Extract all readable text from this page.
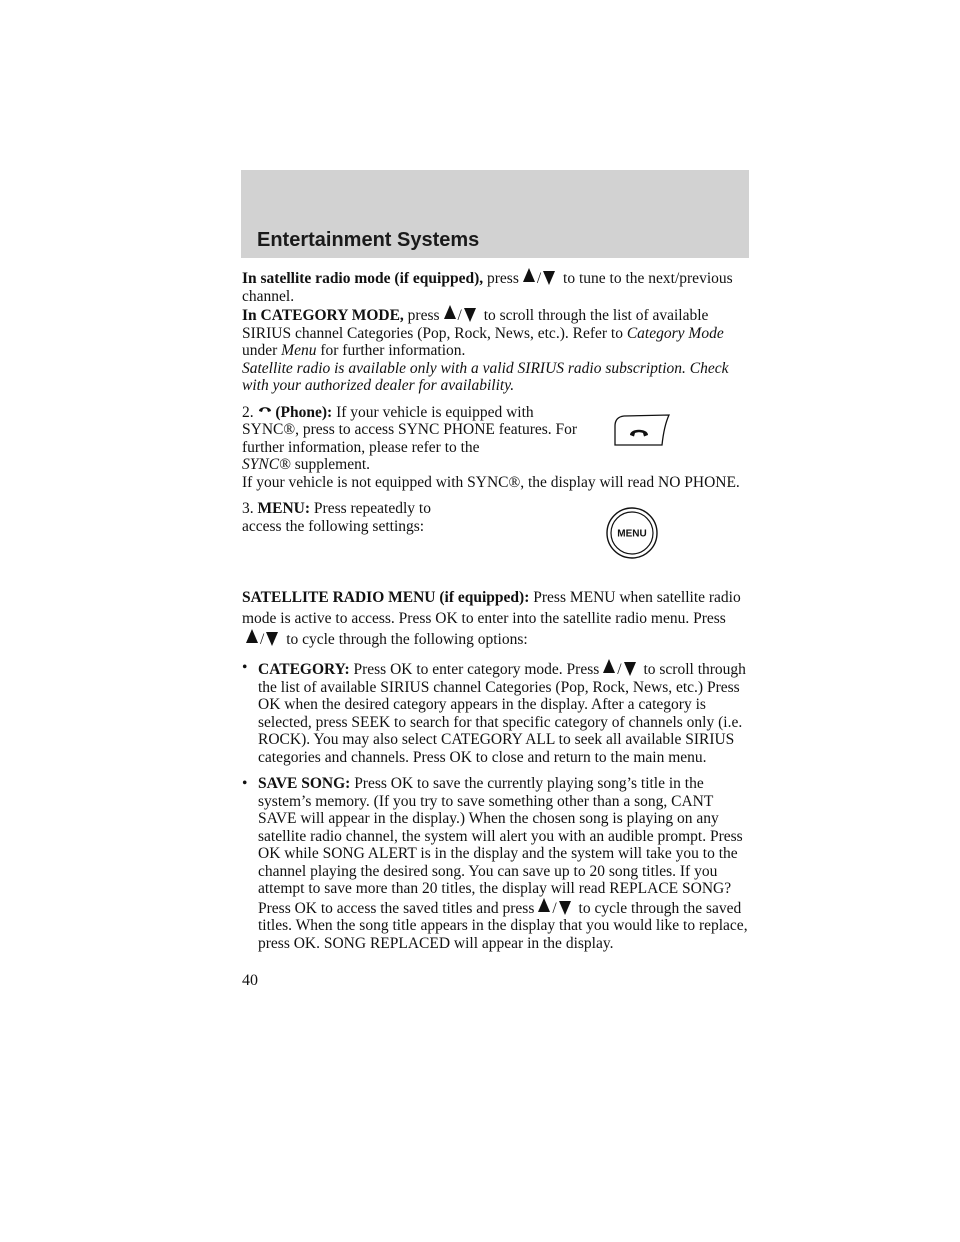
Entertainment Systems

In satellite radio mode (if equipped), press / to tune to the next/previous channel.

In CATEGORY MODE, press / to scroll through the list of available SIRIUS channel Categories (Pop, Rock, News, etc.). Refer to Category Mode under Menu for further information.

Satellite radio is available only with a valid SIRIUS radio subscription. Check with your authorized dealer for availability.

2. (Phone): If your vehicle is equipped with SYNC®, press to access SYNC PHONE features. For further information, please refer to the

SYNC® supplement.

If your vehicle is not equipped with SYNC®, the display will read NO PHONE.

3. MENU: Press repeatedly to access the following settings:	MENU

SATELLITE RADIO MENU (if equipped): Press MENU when satellite radio mode is active to access. Press OK to enter into the satellite radio menu. Press/ to cycle through the following options:

• CATEGORY: Press OK to enter category mode. Press / to scroll through the list of available SIRIUS channel Categories (Pop, Rock, News, etc.) Press OK when the desired category appears in the display. After a category is selected, press SEEK to search for that specific category of channels only (i.e. ROCK). You may also select CATEGORY ALL to seek all available SIRIUS categories and channels. Press OK to close and return to the main menu.

• SAVE SONG: Press OK to save the currently playing song’s title in the system’s memory. (If you try to save something other than a song, CANT SAVE will appear in the display.) When the chosen song is playing on any satellite radio channel, the system will alert you with an audible prompt. Press OK while SONG ALERT is in the display and the system will take you to the channel playing the desired song. You can save up to 20 song titles. If you attempt to save more than 20 titles, the display will read REPLACE SONG? Press OK to access the saved titles and press / to cycle through the saved titles. When the song title appears in the display that you would like to replace, press OK. SONG REPLACED will appear in the display.

40
